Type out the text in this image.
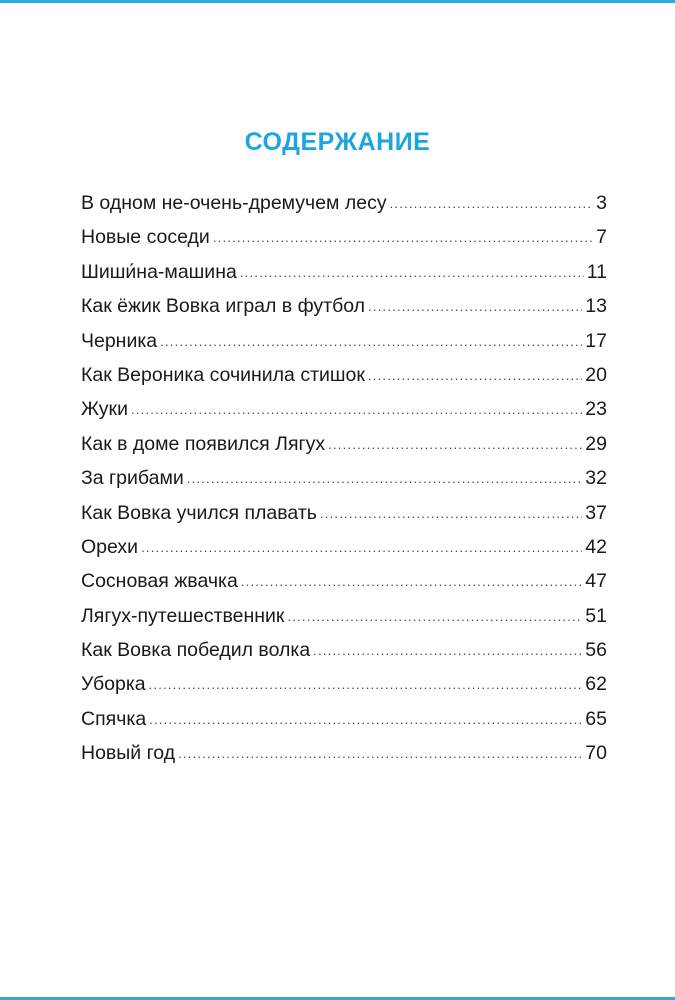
СОДЕРЖАНИЕ
В одном не-очень-дремучем лесу . . .	3
Новые соседи . . .	7
Шиши́на-машина . . .	11
Как ёжик Вовка играл в футбол . . .	13
Черника . . .	17
Как Вероника сочинила стишок . . .	20
Жуки . . .	23
Как в доме появился Лягух . . .	29
За грибами . . .	32
Как Вовка учился плавать . . .	37
Орехи . . .	42
Сосновая жвачка . . .	47
Лягух-путешественник . . .	51
Как Вовка победил волка . . .	56
Уборка . . .	62
Спячка . . .	65
Новый год . . .	70
